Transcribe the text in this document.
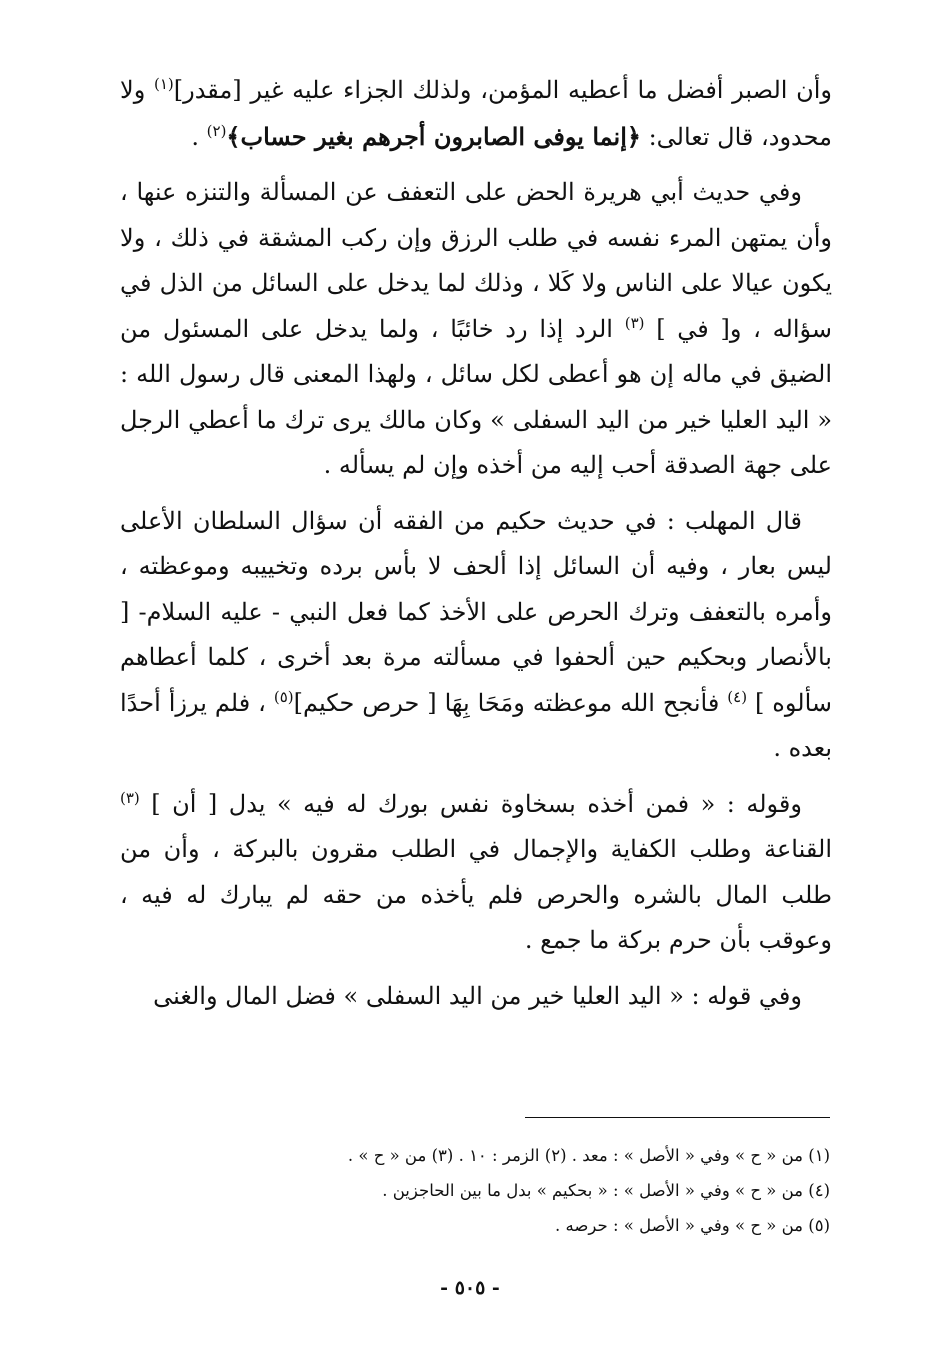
وأن الصبر أفضل ما أعطيه المؤمن، ولذلك الجزاء عليه غير [مقدر]$^{(١)}$ ولا محدود، قال تعالى: ﴿إنما يوفى الصابرون أجرهم بغير حساب﴾$^{(٢)}$ .

وفي حديث أبي هريرة الحض على التعفف عن المسألة والتنزه عنها ، وأن يمتهن المرء نفسه في طلب الرزق وإن ركب المشقة في ذلك ، ولا يكون عيالا على الناس ولا كَلا ، وذلك لما يدخل على السائل من الذل في سؤاله ، و[ في ] $^{(٣)}$ الرد إذا رد خائبًا ، ولما يدخل على المسئول من الضيق في ماله إن هو أعطى لكل سائل ، ولهذا المعنى قال رسول الله : « اليد العليا خير من اليد السفلى » وكان مالك يرى ترك ما أعطي الرجل على جهة الصدقة أحب إليه من أخذه وإن لم يسأله .

قال المهلب : في حديث حكيم من الفقه أن سؤال السلطان الأعلى ليس بعار ، وفيه أن السائل إذا ألحف لا بأس برده وتخييبه وموعظته ، وأمره بالتعفف وترك الحرص على الأخذ كما فعل النبي - عليه السلام- [ بالأنصار وبحكيم حين ألحفوا في مسألته مرة بعد أخرى ، كلما أعطاهم سألوه ] $^{(٤)}$ فأنجح الله موعظته ومَحَا بِهَا [ حرص حكيم]$^{(٥)}$ ، فلم يرزأ أحدًا بعده .

وقوله : « فمن أخذه بسخاوة نفس بورك له فيه » يدل [ أن ] $^{(٣)}$ القناعة وطلب الكفاية والإجمال في الطلب مقرون بالبركة ، وأن من طلب المال بالشره والحرص فلم يأخذه من حقه لم يبارك له فيه ، وعوقب بأن حرم بركة ما جمع .

وفي قوله : « اليد العليا خير من اليد السفلى » فضل المال والغنى

(١) من « ح » وفي « الأصل » : معد . (٢) الزمر : ١٠ . (٣) من « ح » .

(٤) من « ح » وفي « الأصل » : « بحكيم » بدل ما بين الحاجزين .

(٥) من « ح » وفي « الأصل » : حرصه .

- ٥٠٥ -
